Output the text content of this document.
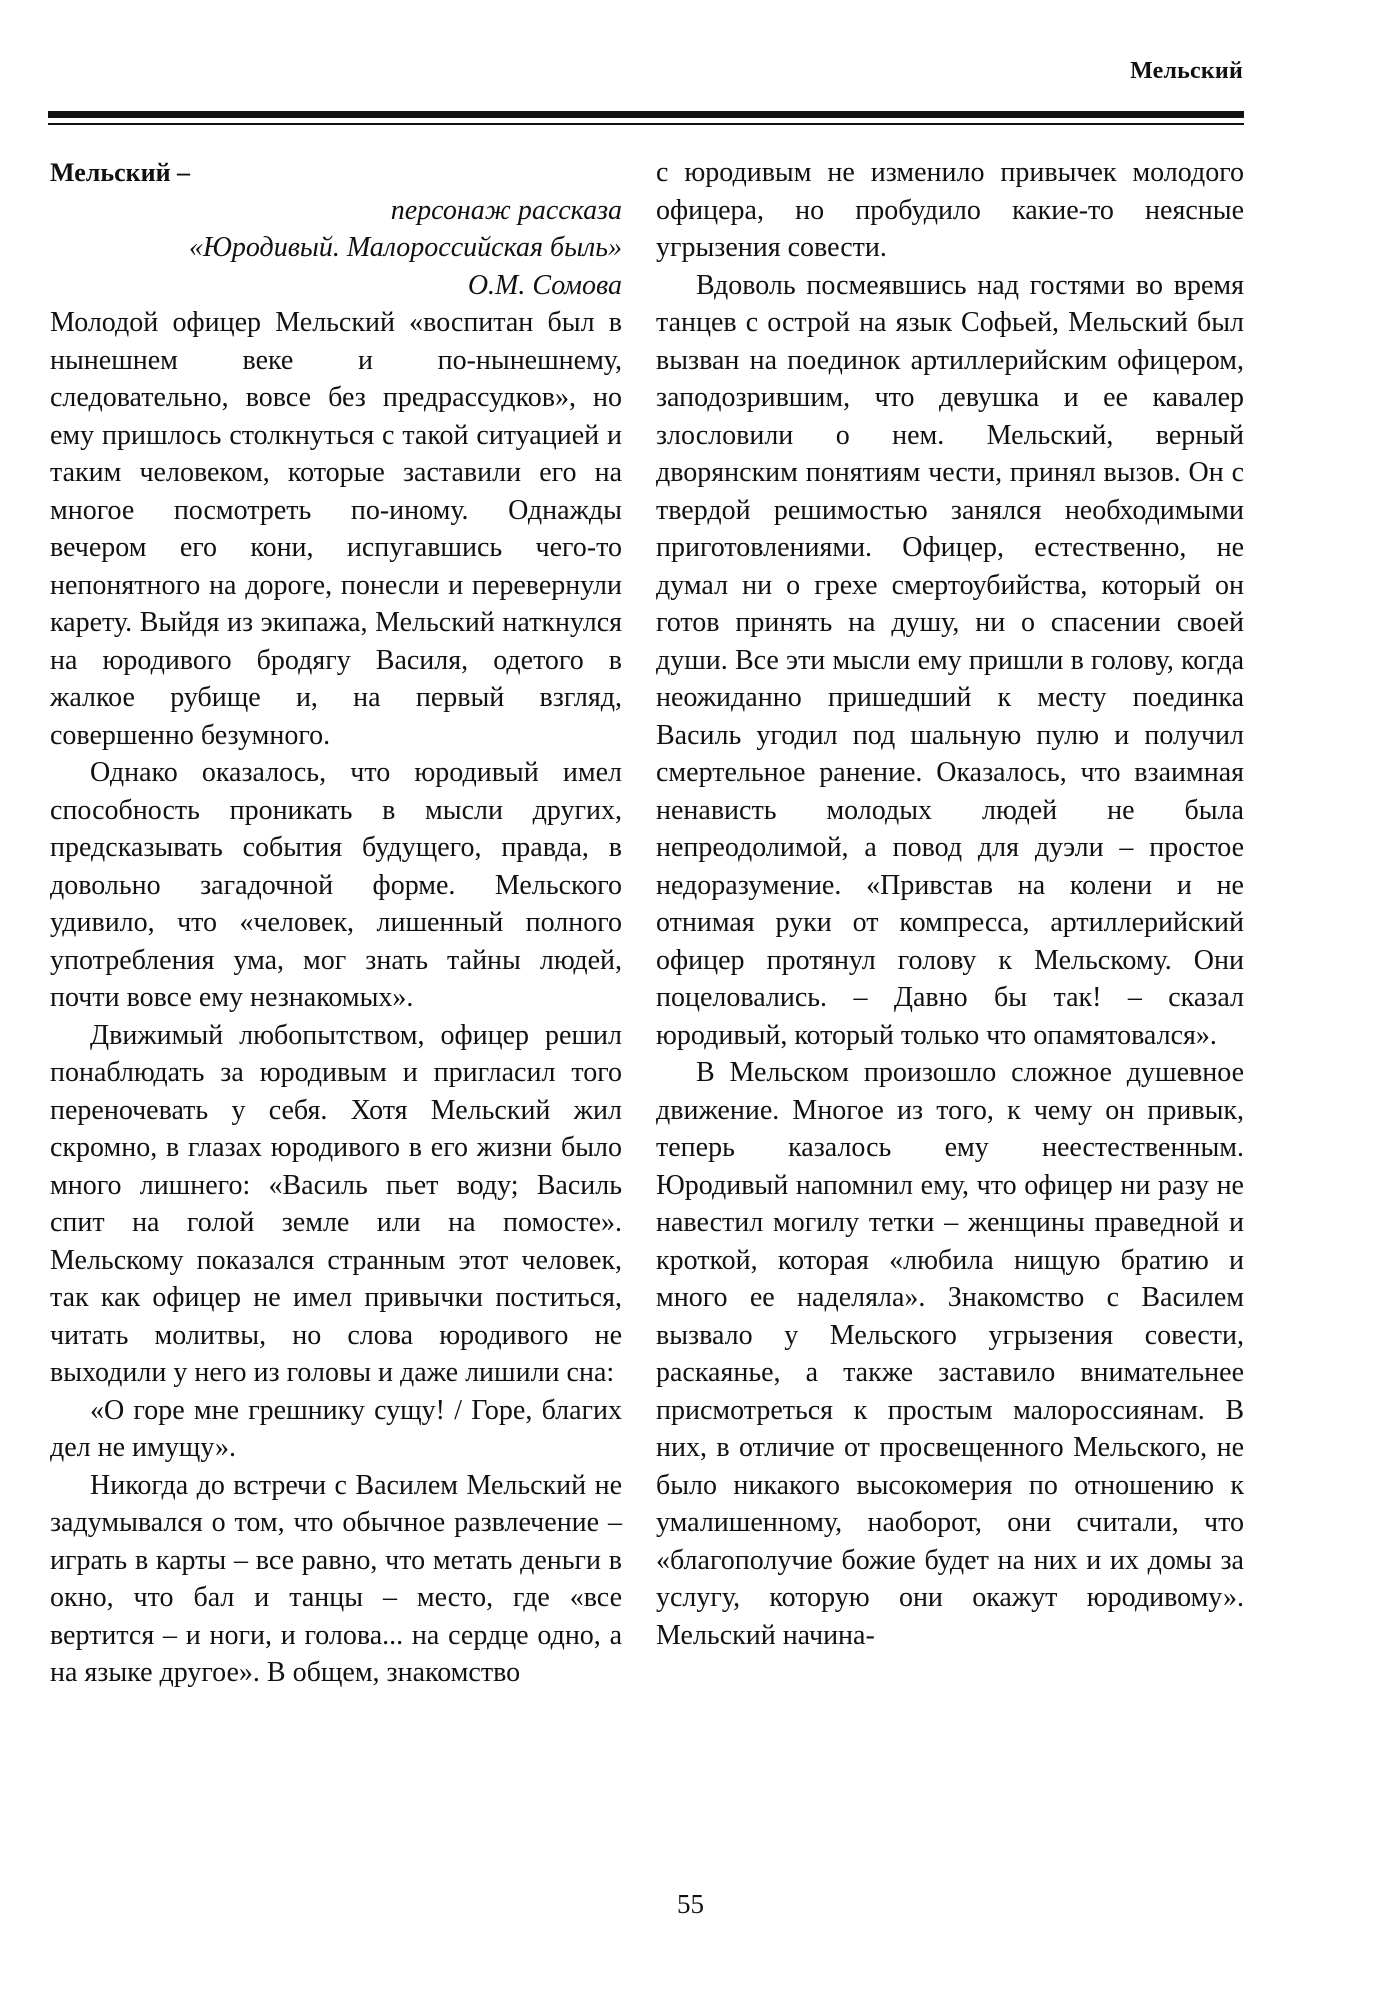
Мельский
Мельский –

персонаж рассказа
«Юродивый. Малороссийская быль»
О.М. Сомова

Молодой офицер Мельский «воспитан был в нынешнем веке и по-нынешнему, следовательно, вовсе без предрассудков», но ему пришлось столкнуться с такой ситуацией и таким человеком, которые заставили его на многое посмотреть по-иному. Однажды вечером его кони, испугавшись чего-то непонятного на дороге, понесли и перевернули карету. Выйдя из экипажа, Мельский наткнулся на юродивого бродягу Василя, одетого в жалкое рубище и, на первый взгляд, совершенно безумного.

Однако оказалось, что юродивый имел способность проникать в мысли других, предсказывать события будущего, правда, в довольно загадочной форме. Мельского удивило, что «человек, лишенный полного употребления ума, мог знать тайны людей, почти вовсе ему незнакомых».

Движимый любопытством, офицер решил понаблюдать за юродивым и пригласил того переночевать у себя. Хотя Мельский жил скромно, в глазах юродивого в его жизни было много лишнего: «Василь пьет воду; Василь спит на голой земле или на помосте». Мельскому показался странным этот человек, так как офицер не имел привычки поститься, читать молитвы, но слова юродивого не выходили у него из головы и даже лишили сна:

«О горе мне грешнику сущу! / Горе, благих дел не имущу».

Никогда до встречи с Василем Мельский не задумывался о том, что обычное развлечение – играть в карты – все равно, что метать деньги в окно, что бал и танцы – место, где «все вертится – и ноги, и голова... на сердце одно, а на языке другое». В общем, знакомство

с юродивым не изменило привычек молодого офицера, но пробудило какие-то неясные угрызения совести.

Вдоволь посмеявшись над гостями во время танцев с острой на язык Софьей, Мельский был вызван на поединок артиллерийским офицером, заподозрившим, что девушка и ее кавалер злословили о нем. Мельский, верный дворянским понятиям чести, принял вызов. Он с твердой решимостью занялся необходимыми приготовлениями. Офицер, естественно, не думал ни о грехе смертоубийства, который он готов принять на душу, ни о спасении своей души. Все эти мысли ему пришли в голову, когда неожиданно пришедший к месту поединка Василь угодил под шальную пулю и получил смертельное ранение. Оказалось, что взаимная ненависть молодых людей не была непреодолимой, а повод для дуэли – простое недоразумение. «Привстав на колени и не отнимая руки от компресса, артиллерийский офицер протянул голову к Мельскому. Они поцеловались. – Давно бы так! – сказал юродивый, который только что опамятовался».

В Мельском произошло сложное душевное движение. Многое из того, к чему он привык, теперь казалось ему неестественным. Юродивый напомнил ему, что офицер ни разу не навестил могилу тетки – женщины праведной и кроткой, которая «любила нищую братию и много ее наделяла». Знакомство с Василем вызвало у Мельского угрызения совести, раскаянье, а также заставило внимательнее присмотреться к простым малороссиянам. В них, в отличие от просвещенного Мельского, не было никакого высокомерия по отношению к умалишенному, наоборот, они считали, что «благополучие божие будет на них и их домы за услугу, которую они окажут юродивому». Мельский начина-

55
